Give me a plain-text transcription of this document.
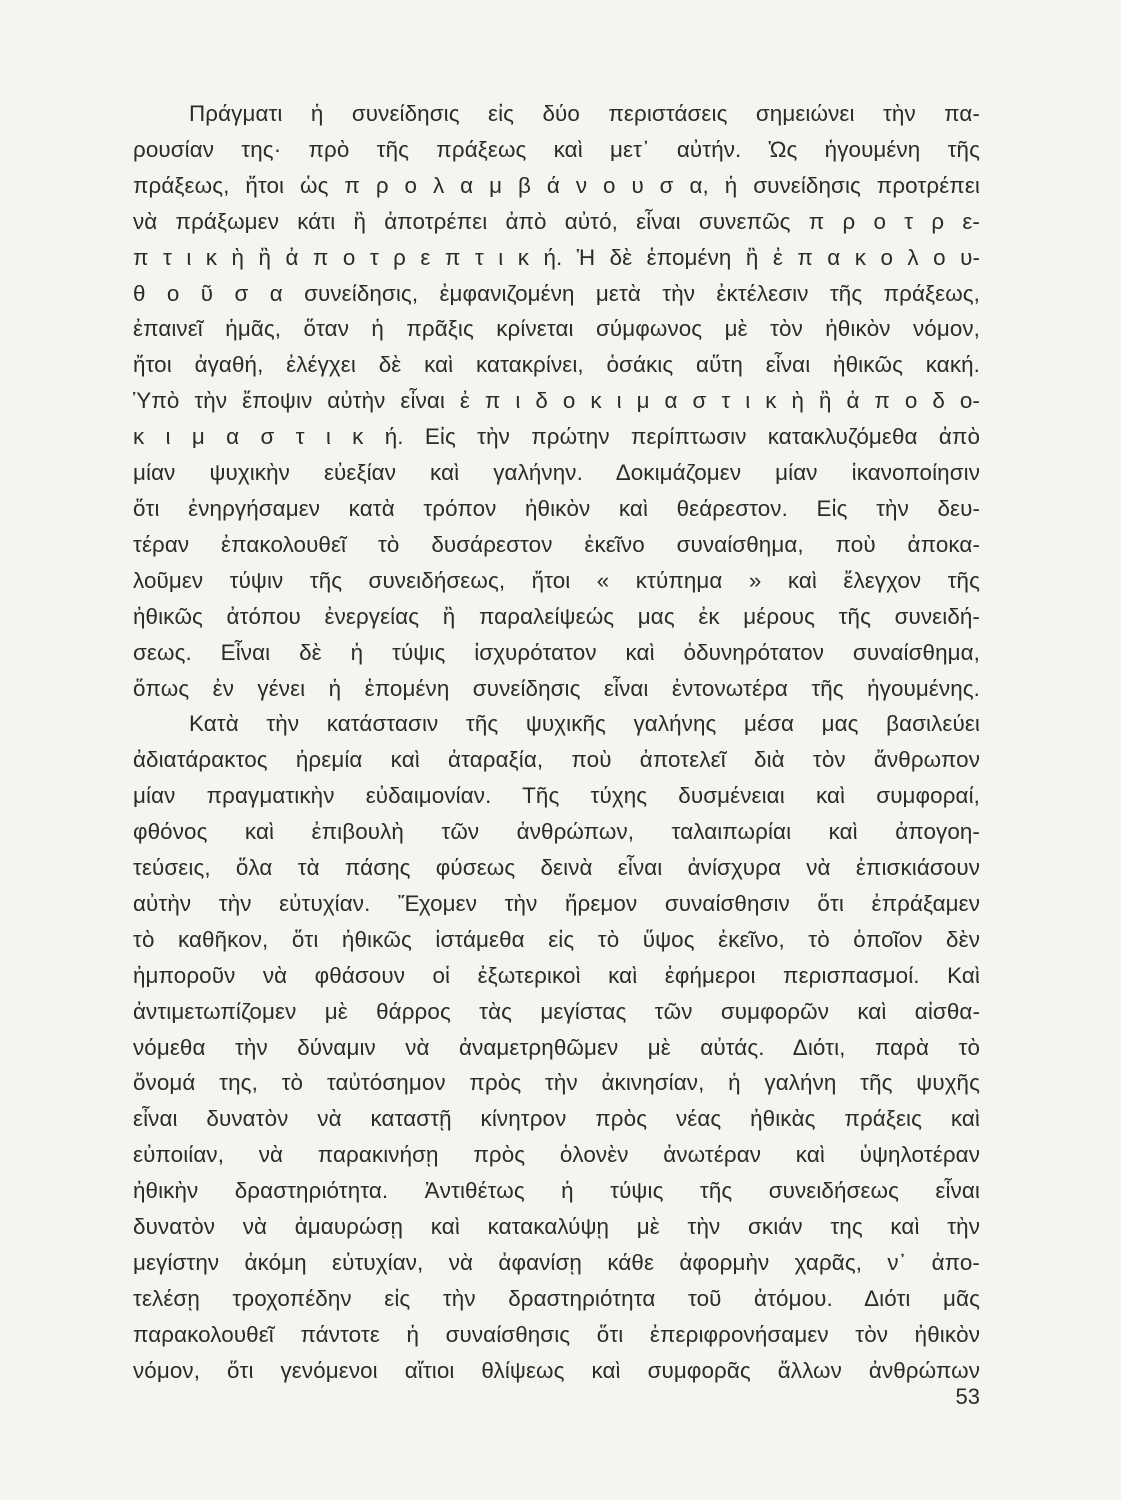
Πράγματι ἡ συνείδησις εἰς δύο περιστάσεις σημειώνει τὴν πα-
ρουσίαν της· πρὸ τῆς πράξεως καὶ μετ᾽ αὐτήν. Ὡς ἡγουμένη τῆς
πράξεως, ἤτοι ὡς π ρ ο λ α μ β ά ν ο υ σ α, ἡ συνείδησις προτρέπει
νὰ πράξωμεν κάτι ἢ ἀποτρέπει ἀπὸ αὐτό, εἶναι συνεπῶς π ρ ο τ ρ ε-
π τ ι κ ὴ ἢ ἀ π ο τ ρ ε π τ ι κ ή. Ἡ δὲ ἑπομένη ἢ ἐ π α κ ο λ ο υ-
θ ο ῦ σ α συνείδησις, ἐμφανιζομένη μετὰ τὴν ἐκτέλεσιν τῆς πράξεως,
ἐπαινεῖ ἡμᾶς, ὅταν ἡ πρᾶξις κρίνεται σύμφωνος μὲ τὸν ἠθικὸν νόμον,
ἤτοι ἀγαθή, ἐλέγχει δὲ καὶ κατακρίνει, ὁσάκις αὕτη εἶναι ἠθικῶς κακή.
Ὑπὸ τὴν ἔποψιν αὐτὴν εἶναι ἐ π ι δ ο κ ι μ α σ τ ι κ ὴ ἢ ἀ π ο δ ο-
κ ι μ α σ τ ι κ ή. Εἰς τὴν πρώτην περίπτωσιν κατακλυζόμεθα ἀπὸ
μίαν ψυχικὴν εὐεξίαν καὶ γαλήνην. Δοκιμάζομεν μίαν ἱκανοποίησιν
ὅτι ἐνηργήσαμεν κατὰ τρόπον ἠθικὸν καὶ θεάρεστον. Εἰς τὴν δευ-
τέραν ἐπακολουθεῖ τὸ δυσάρεστον ἐκεῖνο συναίσθημα, ποὺ ἀποκα-
λοῦμεν τύψιν τῆς συνειδήσεως, ἤτοι « κτύπημα » καὶ ἔλεγχον τῆς
ἠθικῶς ἀτόπου ἐνεργείας ἢ παραλείψεώς μας ἐκ μέρους τῆς συνειδή-
σεως. Εἶναι δὲ ἡ τύψις ἰσχυρότατον καὶ ὀδυνηρότατον συναίσθημα,
ὅπως ἐν γένει ἡ ἑπομένη συνείδησις εἶναι ἐντονωτέρα τῆς ἡγουμένης.
Κατὰ τὴν κατάστασιν τῆς ψυχικῆς γαλήνης μέσα μας βασιλεύει
ἀδιατάρακτος ἠρεμία καὶ ἀταραξία, ποὺ ἀποτελεῖ διὰ τὸν ἄνθρωπον
μίαν πραγματικὴν εὐδαιμονίαν. Τῆς τύχης δυσμένειαι καὶ συμφοραί,
φθόνος καὶ ἐπιβουλὴ τῶν ἀνθρώπων, ταλαιπωρίαι καὶ ἀπογοη-
τεύσεις, ὅλα τὰ πάσης φύσεως δεινὰ εἶναι ἀνίσχυρα νὰ ἐπισκιάσουν
αὐτὴν τὴν εὐτυχίαν. Ἔχομεν τὴν ἤρεμον συναίσθησιν ὅτι ἐπράξαμεν
τὸ καθῆκον, ὅτι ἠθικῶς ἱστάμεθα εἰς τὸ ὕψος ἐκεῖνο, τὸ ὁποῖον δὲν
ἠμποροῦν νὰ φθάσουν οἱ ἐξωτερικοὶ καὶ ἐφήμεροι περισπασμοί. Καὶ
ἀντιμετωπίζομεν μὲ θάρρος τὰς μεγίστας τῶν συμφορῶν καὶ αἰσθα-
νόμεθα τὴν δύναμιν νὰ ἀναμετρηθῶμεν μὲ αὐτάς. Διότι, παρὰ τὸ
ὄνομά της, τὸ ταὐτόσημον πρὸς τὴν ἀκινησίαν, ἡ γαλήνη τῆς ψυχῆς
εἶναι δυνατὸν νὰ καταστῇ κίνητρον πρὸς νέας ἠθικὰς πράξεις καὶ
εὐποιίαν, νὰ παρακινήσῃ πρὸς ὁλονὲν ἀνωτέραν καὶ ὑψηλοτέραν
ἠθικὴν δραστηριότητα. Ἀντιθέτως ἡ τύψις τῆς συνειδήσεως εἶναι
δυνατὸν νὰ ἀμαυρώσῃ καὶ κατακαλύψῃ μὲ τὴν σκιάν της καὶ τὴν
μεγίστην ἀκόμη εὐτυχίαν, νὰ ἀφανίσῃ κάθε ἀφορμὴν χαρᾶς, ν᾽ ἀπο-
τελέσῃ τροχοπέδην εἰς τὴν δραστηριότητα τοῦ ἀτόμου. Διότι μᾶς
παρακολουθεῖ πάντοτε ἡ συναίσθησις ὅτι ἐπεριφρονήσαμεν τὸν ἠθικὸν
νόμον, ὅτι γενόμενοι αἴτιοι θλίψεως καὶ συμφορᾶς ἄλλων ἀνθρώπων
53
